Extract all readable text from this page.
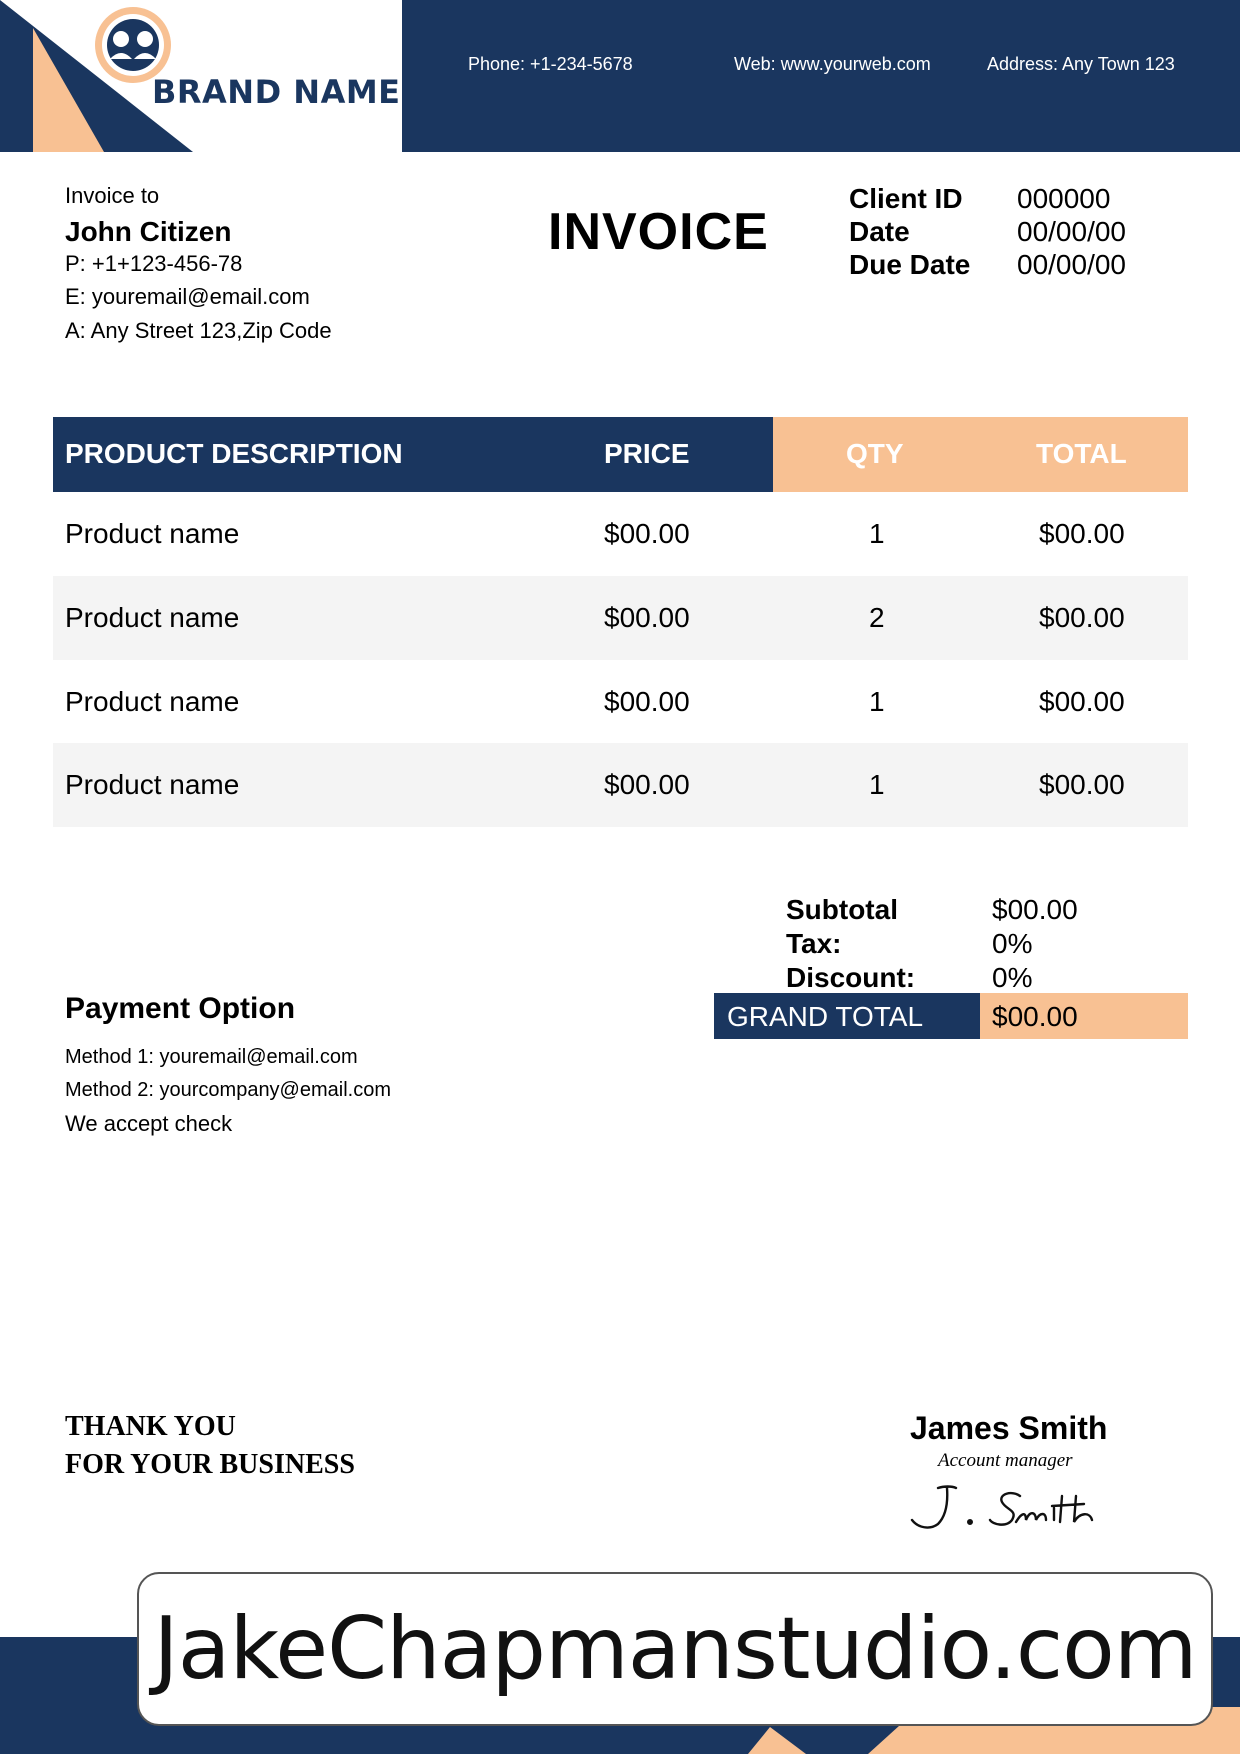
BRAND NAME
Phone: +1-234-5678	Web: www.yourweb.com	Address: Any Town 123
Invoice to
John Citizen
P: +1+123-456-78
E: youremail@email.com
A: Any Street 123,Zip Code
INVOICE
Client ID 000000
Date	00/00/00
Due Date 00/00/00
PRODUCT DESCRIPTION	PRICE	QTY	TOTAL
Product name	$00.00	1	$00.00
Product name	$00.00	2	$00.00
Product name	$00.00	1	$00.00
Product name	$00.00	1	$00.00
Subtotal	$00.00
Tax:	0%
Discount:	0%
GRAND TOTAL $00.00
Payment Option
Method 1: youremail@email.com
Method 2: yourcompany@email.com
We accept check
THANK YOU
FOR YOUR BUSINESS
James Smith
Account manager
JakeChapmanstudio.com
